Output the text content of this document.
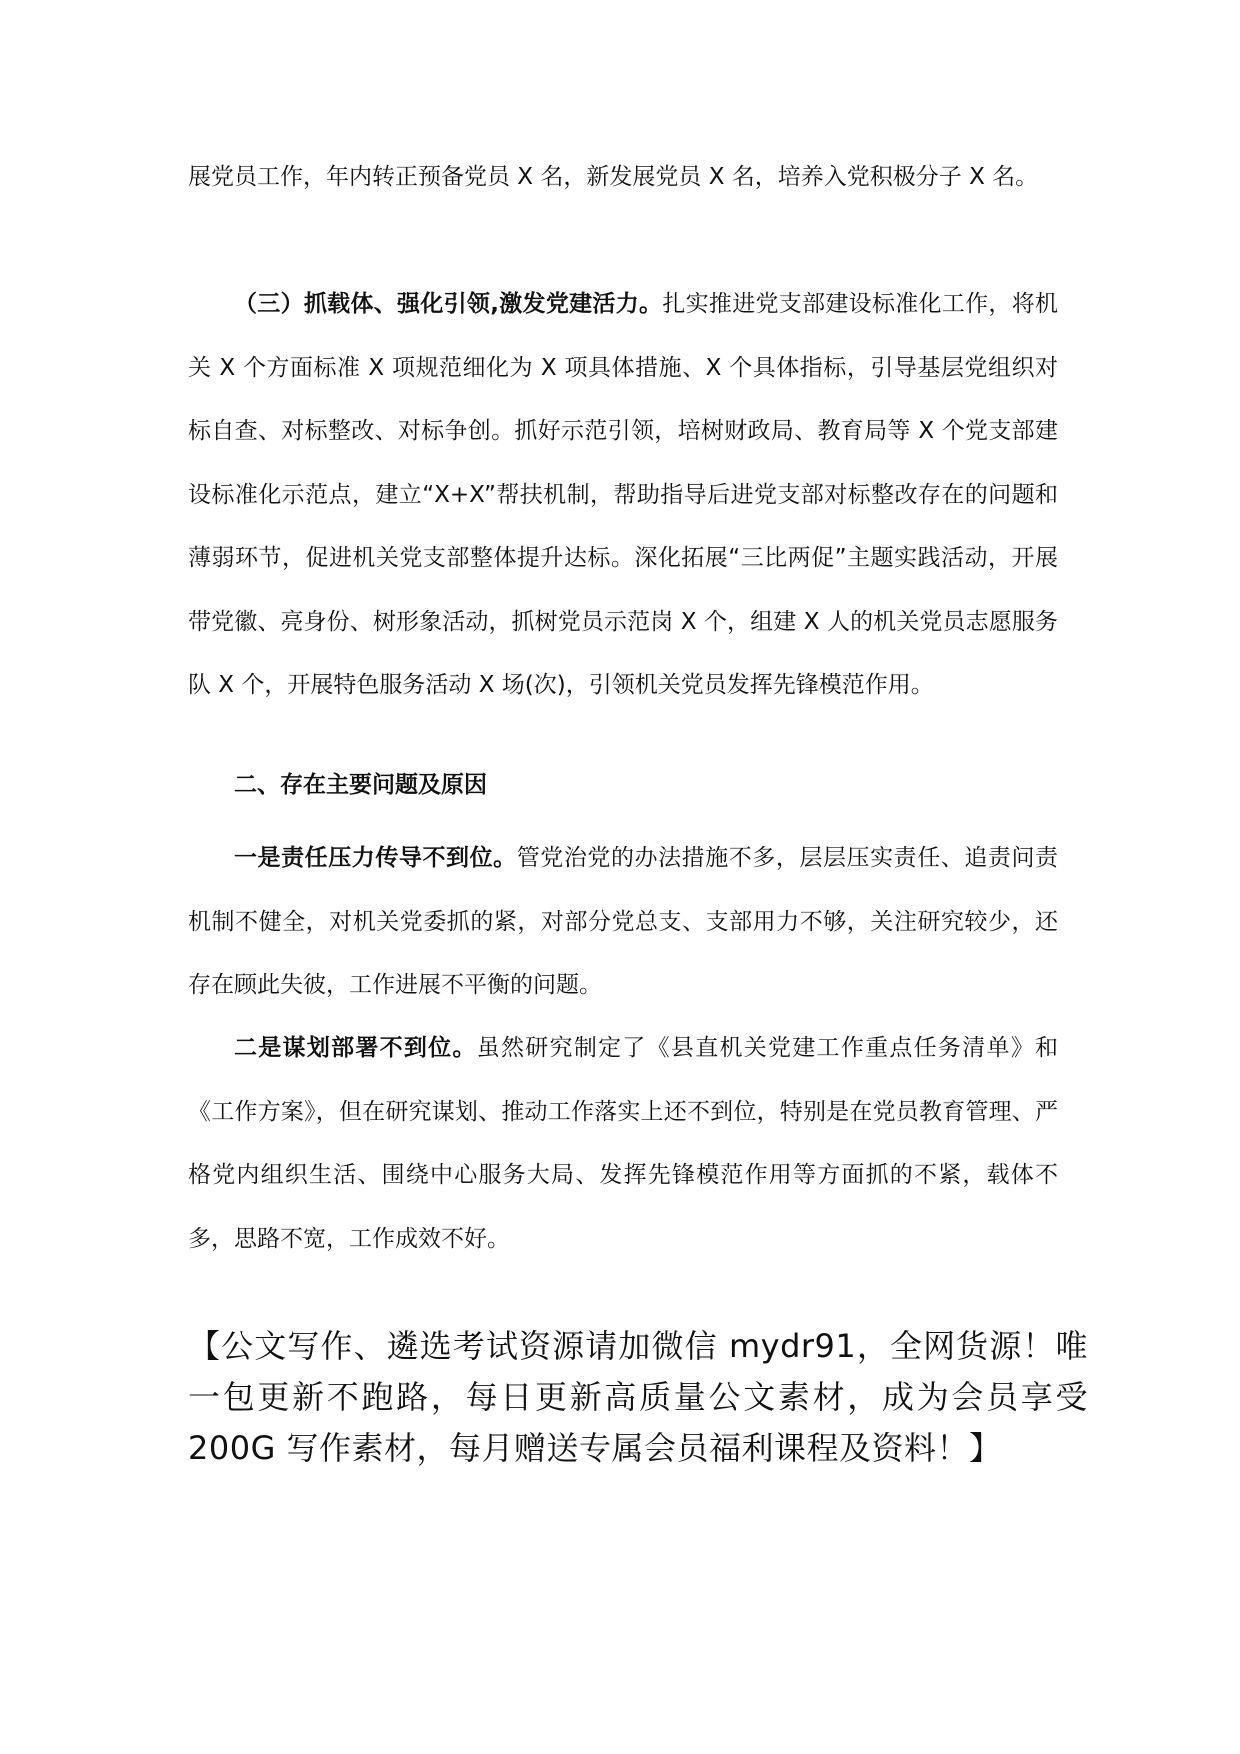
展党员工作，年内转正预备党员 X 名，新发展党员 X 名，培养入党积极分子 X 名。

（三）抓载体、强化引领,激发党建活力。扎实推进党支部建设标准化工作，将机关 X 个方面标准 X 项规范细化为 X 项具体措施、X 个具体指标，引导基层党组织对标自查、对标整改、对标争创。抓好示范引领，培树财政局、教育局等 X 个党支部建设标准化示范点，建立“X+X”帮扶机制，帮助指导后进党支部对标整改存在的问题和薄弱环节，促进机关党支部整体提升达标。深化拓展“三比两促”主题实践活动，开展带党徽、亮身份、树形象活动，抓树党员示范岗 X 个，组建 X 人的机关党员志愿服务队 X 个，开展特色服务活动 X 场(次)，引领机关党员发挥先锋模范作用。

二、存在主要问题及原因

一是责任压力传导不到位。管党治党的办法措施不多，层层压实责任、追责问责机制不健全，对机关党委抓的紧，对部分党总支、支部用力不够，关注研究较少，还存在顾此失彼，工作进展不平衡的问题。

二是谋划部署不到位。虽然研究制定了《县直机关党建工作重点任务清单》和《工作方案》，但在研究谋划、推动工作落实上还不到位，特别是在党员教育管理、严格党内组织生活、围绕中心服务大局、发挥先锋模范作用等方面抓的不紧，载体不多，思路不宽，工作成效不好。

【公文写作、遴选考试资源请加微信 mydr91，全网货源！唯一包更新不跑路，每日更新高质量公文素材，成为会员享受 200G 写作素材，每月赠送专属会员福利课程及资料！】
